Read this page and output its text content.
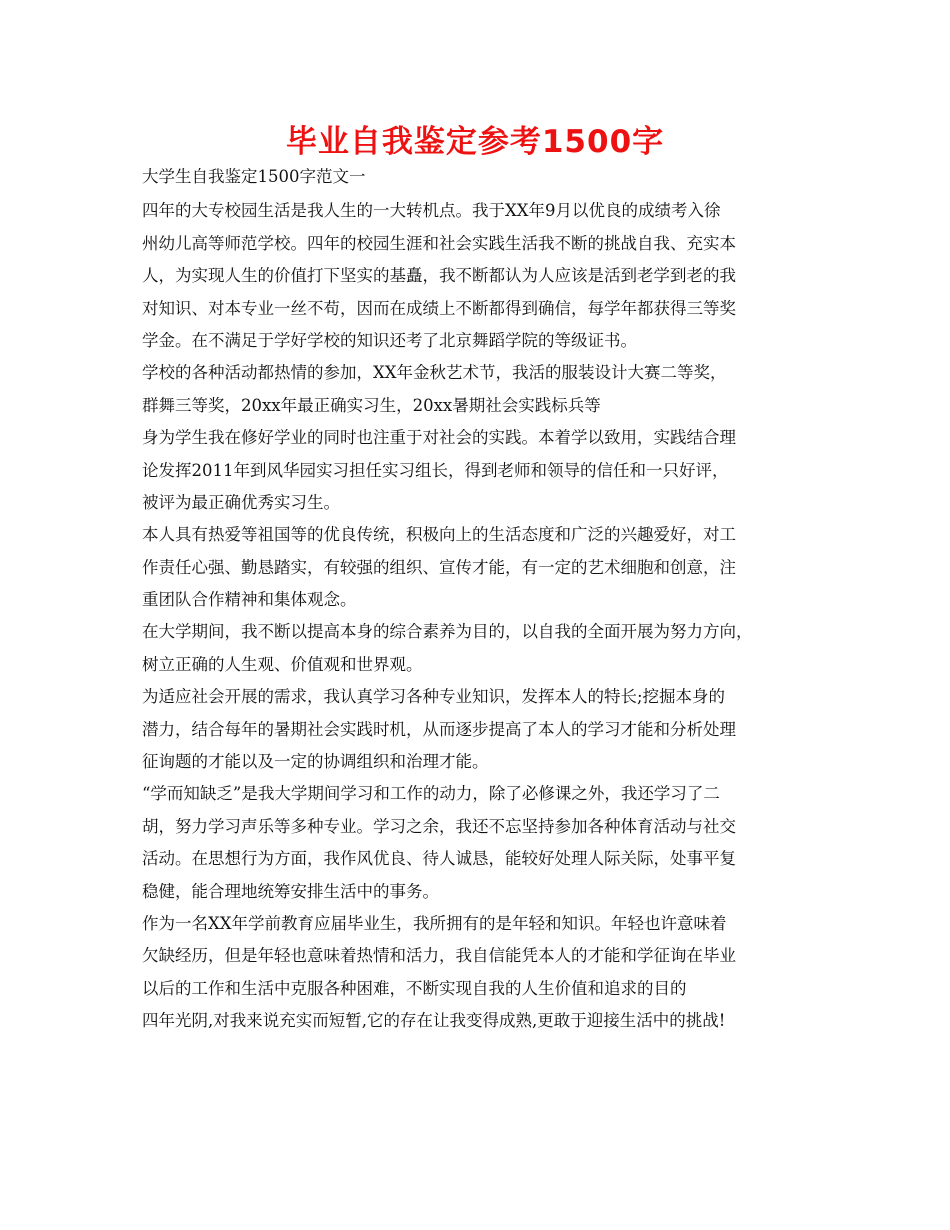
毕业自我鉴定参考1500字
大学生自我鉴定1500字范文一
四年的大专校园生活是我人生的一大转机点。我于XX年9月以优良的成绩考入徐
州幼儿高等师范学校。四年的校园生涯和社会实践生活我不断的挑战自我、充实本
人，为实现人生的价值打下坚实的基矗，我不断都认为人应该是活到老学到老的我
对知识、对本专业一丝不苟，因而在成绩上不断都得到确信，每学年都获得三等奖
学金。在不满足于学好学校的知识还考了北京舞蹈学院的等级证书。
学校的各种活动都热情的参加，XX年金秋艺术节，我活的服装设计大赛二等奖，
群舞三等奖，20xx年最正确实习生，20xx暑期社会实践标兵等
身为学生我在修好学业的同时也注重于对社会的实践。本着学以致用，实践结合理
论发挥2011年到风华园实习担任实习组长，得到老师和领导的信任和一只好评，
被评为最正确优秀实习生。
本人具有热爱等祖国等的优良传统，积极向上的生活态度和广泛的兴趣爱好，对工
作责任心强、勤恳踏实，有较强的组织、宣传才能，有一定的艺术细胞和创意，注
重团队合作精神和集体观念。
在大学期间，我不断以提高本身的综合素养为目的，以自我的全面开展为努力方向，
树立正确的人生观、价值观和世界观。
为适应社会开展的需求，我认真学习各种专业知识，发挥本人的特长;挖掘本身的
潜力，结合每年的暑期社会实践时机，从而逐步提高了本人的学习才能和分析处理
征询题的才能以及一定的协调组织和治理才能。
“学而知缺乏”是我大学期间学习和工作的动力，除了必修课之外，我还学习了二
胡，努力学习声乐等多种专业。学习之余，我还不忘坚持参加各种体育活动与社交
活动。在思想行为方面，我作风优良、待人诚恳，能较好处理人际关际，处事平复
稳健，能合理地统筹安排生活中的事务。
作为一名XX年学前教育应届毕业生，我所拥有的是年轻和知识。年轻也许意味着
欠缺经历，但是年轻也意味着热情和活力，我自信能凭本人的才能和学征询在毕业
以后的工作和生活中克服各种困难，不断实现自我的人生价值和追求的目的
四年光阴,对我来说充实而短暂,它的存在让我变得成熟,更敢于迎接生活中的挑战!
